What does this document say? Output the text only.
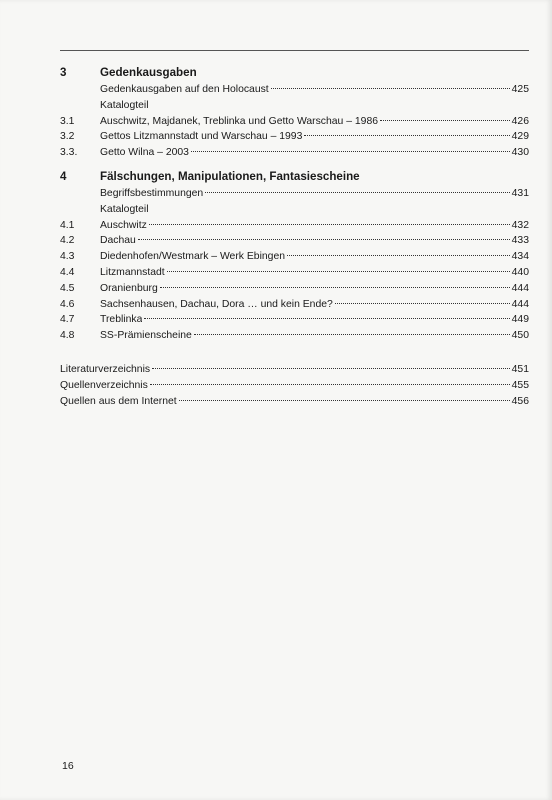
3	Gedenkausgaben
Gedenkausgaben auf den Holocaust	425
Katalogteil
3.1	Auschwitz, Majdanek, Treblinka und Getto Warschau – 1986	426
3.2	Gettos Litzmannstadt und Warschau – 1993	429
3.3.	Getto Wilna – 2003	430
4	Fälschungen, Manipulationen, Fantasiescheine
Begriffsbestimmungen	431
Katalogteil
4.1	Auschwitz	432
4.2	Dachau	433
4.3	Diedenhofen/Westmark – Werk Ebingen	434
4.4	Litzmannstadt	440
4.5	Oranienburg	444
4.6	Sachsenhausen, Dachau, Dora … und kein Ende?	444
4.7	Treblinka	449
4.8	SS-Prämienscheine	450
Literaturverzeichnis	451
Quellenverzeichnis	455
Quellen aus dem Internet	456
16
